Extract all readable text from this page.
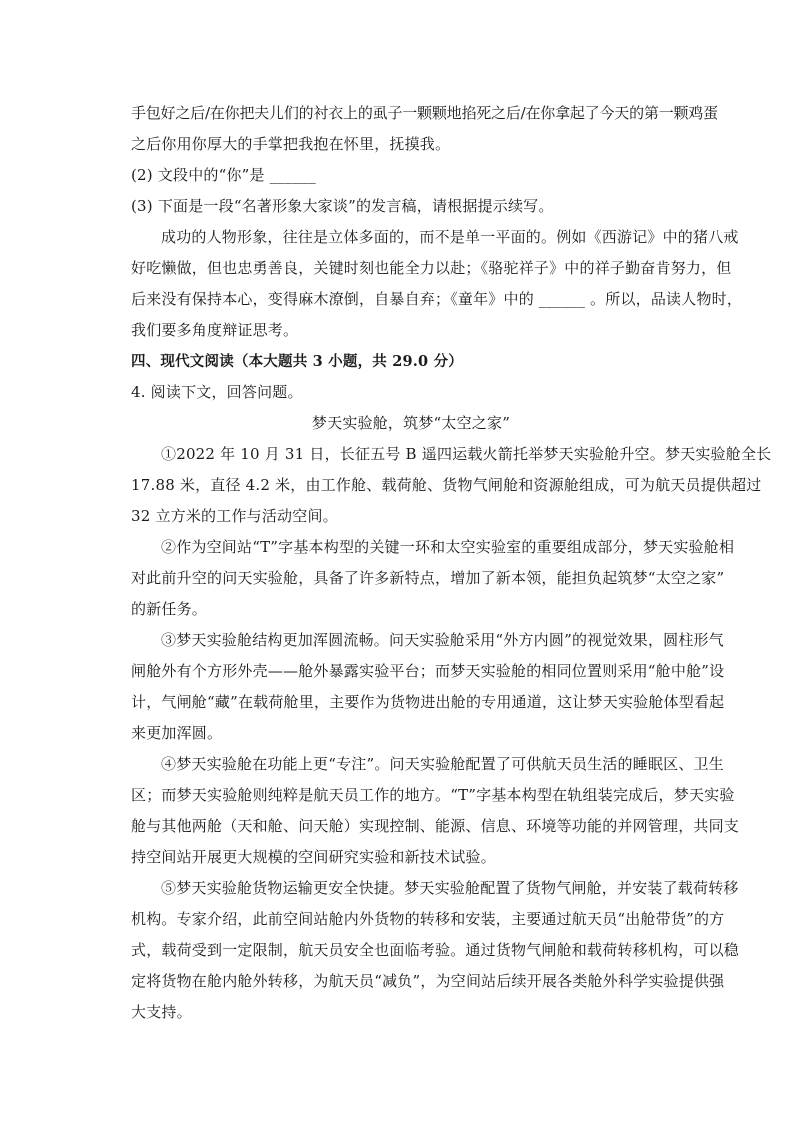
手包好之后/在你把夫儿们的衬衣上的虱子一颗颗地掐死之后/在你拿起了今天的第一颗鸡蛋
之后你用你厚大的手掌把我抱在怀里，抚摸我。
(2) 文段中的“你”是 ______
(3) 下面是一段“名著形象大家谈”的发言稿，请根据提示续写。
成功的人物形象，往往是立体多面的，而不是单一平面的。例如《西游记》中的猪八戒
好吃懒做，但也忠勇善良，关键时刻也能全力以赴；《骆驼祥子》中的祥子勤奋肯努力，但
后来没有保持本心，变得麻木潦倒，自暴自弃；《童年》中的 ______ 。所以，品读人物时，
我们要多角度辩证思考。
四、现代文阅读（本大题共 3 小题，共 29.0 分）
4. 阅读下文，回答问题。
梦天实验舱，筑梦“太空之家”
①2022 年 10 月 31 日，长征五号 B 遥四运载火箭托举梦天实验舱升空。梦天实验舱全长
17.88 米，直径 4.2 米，由工作舱、载荷舱、货物气闸舱和资源舱组成，可为航天员提供超过
32 立方米的工作与活动空间。
②作为空间站“T”字基本构型的关键一环和太空实验室的重要组成部分，梦天实验舱相
对此前升空的问天实验舱，具备了许多新特点，增加了新本领，能担负起筑梦“太空之家”
的新任务。
③梦天实验舱结构更加浑圆流畅。问天实验舱采用“外方内圆”的视觉效果，圆柱形气
闸舱外有个方形外壳——舱外暴露实验平台；而梦天实验舱的相同位置则采用“舱中舱”设
计，气闸舱“藏”在载荷舱里，主要作为货物进出舱的专用通道，这让梦天实验舱体型看起
来更加浑圆。
④梦天实验舱在功能上更“专注”。问天实验舱配置了可供航天员生活的睡眠区、卫生
区；而梦天实验舱则纯粹是航天员工作的地方。“T”字基本构型在轨组装完成后，梦天实验
舱与其他两舱（天和舱、问天舱）实现控制、能源、信息、环境等功能的并网管理，共同支
持空间站开展更大规模的空间研究实验和新技术试验。
⑤梦天实验舱货物运输更安全快捷。梦天实验舱配置了货物气闸舱，并安装了载荷转移
机构。专家介绍，此前空间站舱内外货物的转移和安装，主要通过航天员“出舱带货”的方
式，载荷受到一定限制，航天员安全也面临考验。通过货物气闸舱和载荷转移机构，可以稳
定将货物在舱内舱外转移，为航天员“减负”，为空间站后续开展各类舱外科学实验提供强
大支持。
